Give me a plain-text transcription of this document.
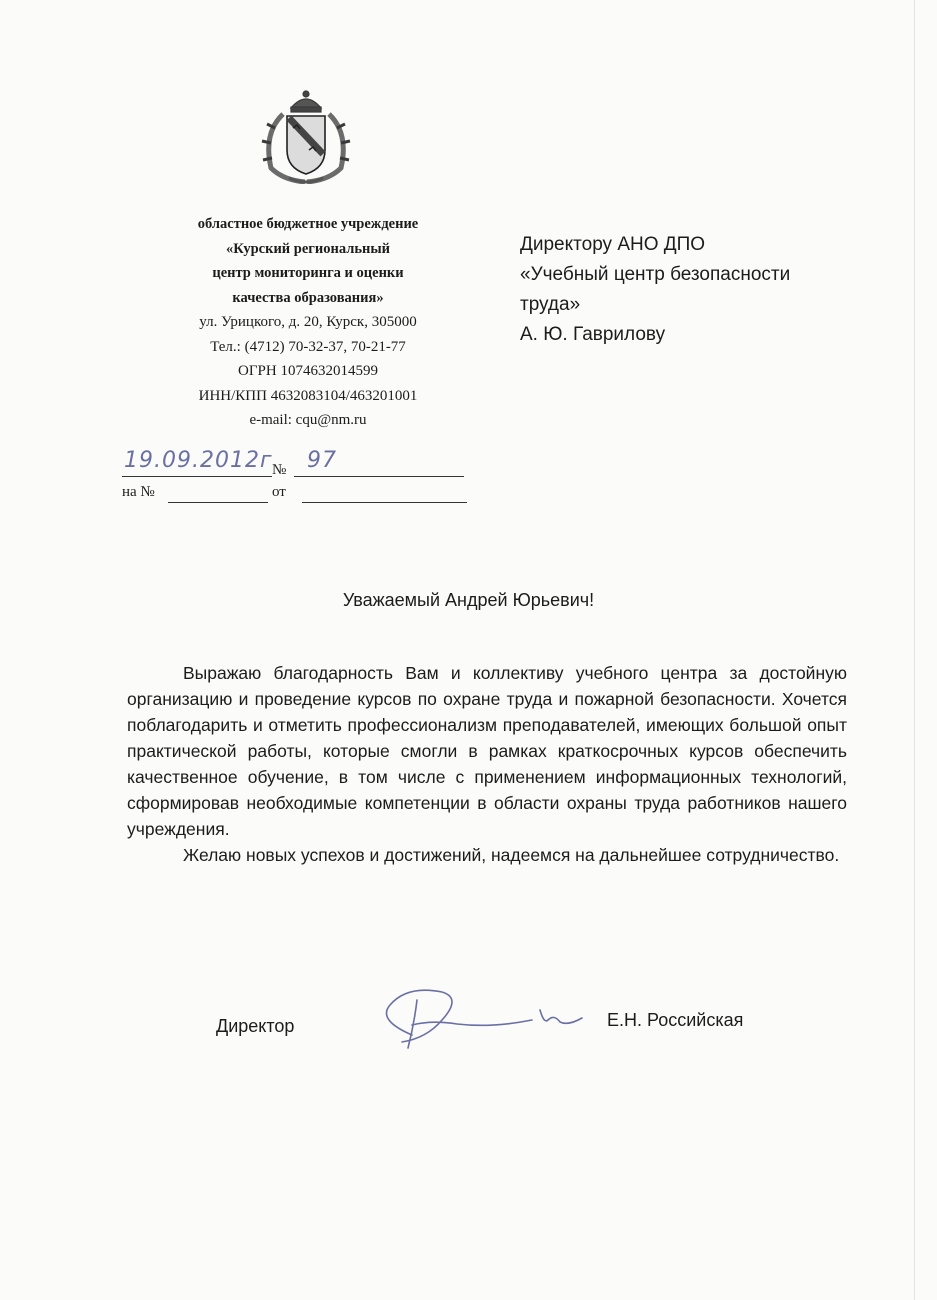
областное бюджетное учреждение
«Курский региональный
центр мониторинга и оценки
качества образования»
ул. Урицкого, д. 20, Курск, 305000
Тел.: (4712) 70-32-37, 70-21-77
ОГРН 1074632014599
ИНН/КПП 4632083104/463201001
e-mail: cqu@nm.ru
Директору АНО ДПО
«Учебный центр безопасности
труда»
А. Ю. Гаврилову
19.09.2012г № 97
на №	от
Уважаемый Андрей Юрьевич!

Выражаю благодарность Вам и коллективу учебного центра за достойную организацию и проведение курсов по охране труда и пожарной безопасности. Хочется поблагодарить и отметить профессионализм преподавателей, имеющих большой опыт практической работы, которые смогли в рамках краткосрочных курсов обеспечить качественное обучение, в том числе с применением информационных технологий, сформировав необходимые компетенции в области охраны труда работников нашего учреждения.

Желаю новых успехов и достижений, надеемся на дальнейшее сотрудничество.

Директор	Е.Н. Российская
